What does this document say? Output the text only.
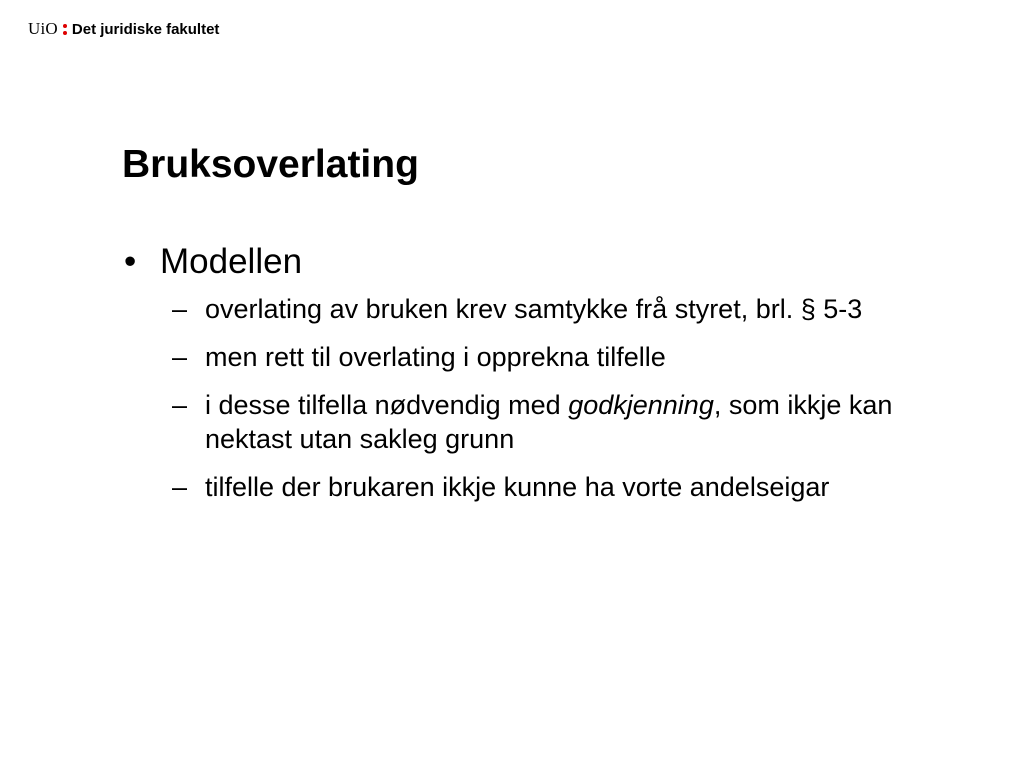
UiO Det juridiske fakultet
Bruksoverlating
• Modellen
– overlating av bruken krev samtykke frå styret, brl. § 5-3
– men rett til overlating i opprekna tilfelle
– i desse tilfella nødvendig med godkjenning, som ikkje kan nektast utan sakleg grunn
– tilfelle der brukaren ikkje kunne ha vorte andelseigar
